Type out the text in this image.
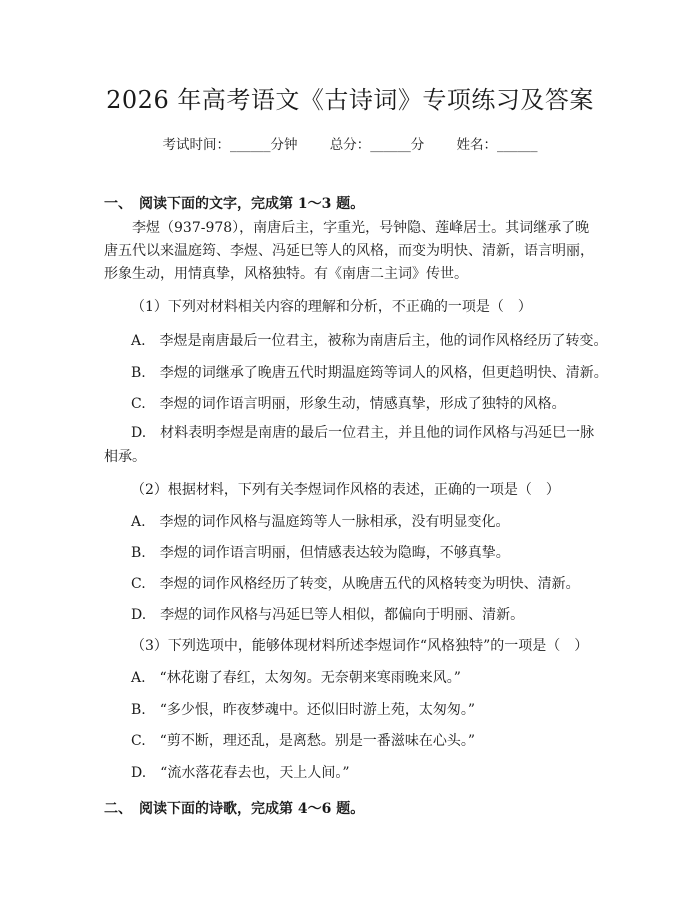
2026 年高考语文《古诗词》专项练习及答案
考试时间：______分钟 总分：______分 姓名：______
一、　阅读下面的文字，完成第 1～3 题。

李煜（937-978），南唐后主，字重光，号钟隐、莲峰居士。其词继承了晚唐五代以来温庭筠、李煜、冯延巳等人的风格，而变为明快、清新，语言明丽，形象生动，用情真挚，风格独特。有《南唐二主词》传世。

（1）下列对材料相关内容的理解和分析，不正确的一项是（　）
A.　李煜是南唐最后一位君主，被称为南唐后主，他的词作风格经历了转变。
B.　李煜的词继承了晚唐五代时期温庭筠等词人的风格，但更趋明快、清新。
C.　李煜的词作语言明丽，形象生动，情感真挚，形成了独特的风格。

D.　材料表明李煜是南唐的最后一位君主，并且他的词作风格与冯延巳一脉相承。

（2）根据材料，下列有关李煜词作风格的表述，正确的一项是（　）
A.　李煜的词作风格与温庭筠等人一脉相承，没有明显变化。
B.　李煜的词作语言明丽，但情感表达较为隐晦，不够真挚。
C.　李煜的词作风格经历了转变，从晚唐五代的风格转变为明快、清新。
D.　李煜的词作风格与冯延巳等人相似，都偏向于明丽、清新。
（3）下列选项中，能够体现材料所述李煜词作“风格独特”的一项是（　）
A.　“林花谢了春红，太匆匆。无奈朝来寒雨晚来风。”
B.　“多少恨，昨夜梦魂中。还似旧时游上苑，太匆匆。”
C.　“剪不断，理还乱，是离愁。别是一番滋味在心头。”
D.　“流水落花春去也，天上人间。”
二、　阅读下面的诗歌，完成第 4～6 题。
